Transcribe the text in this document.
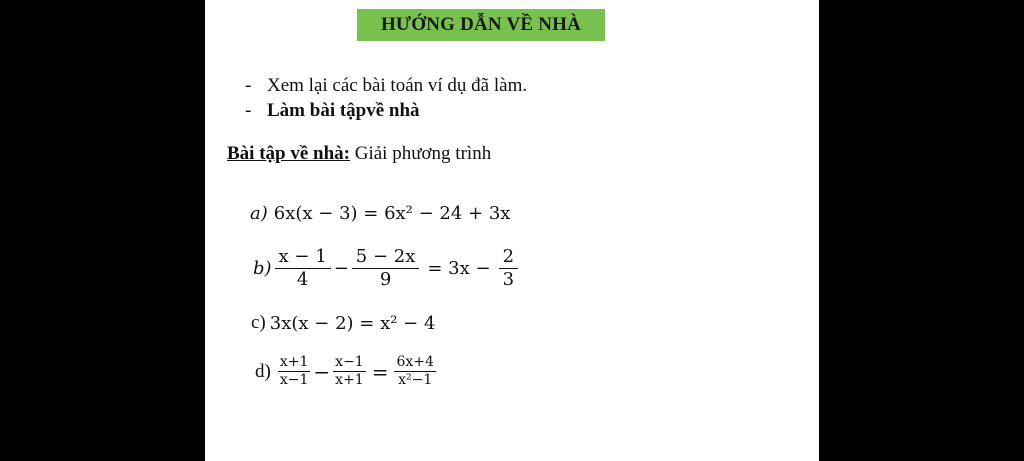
HƯỚNG DẪN VỀ NHÀ
- Xem lại các bài toán ví dụ đã làm.
- Làm bài tậpvề nhà
Bài tập về nhà: Giải phương trình
a) 6x(x − 3) = 6x² − 24 + 3x
$b) \frac{x - 1}{4} - \frac{5 - 2x}{9} = 3x - \frac{2}{3}$
c) 3x(x − 2) = x² − 4
$d) \frac{x+1}{x-1} - \frac{x-1}{x+1} = \frac{6x+4}{\text{x²−1}}$
